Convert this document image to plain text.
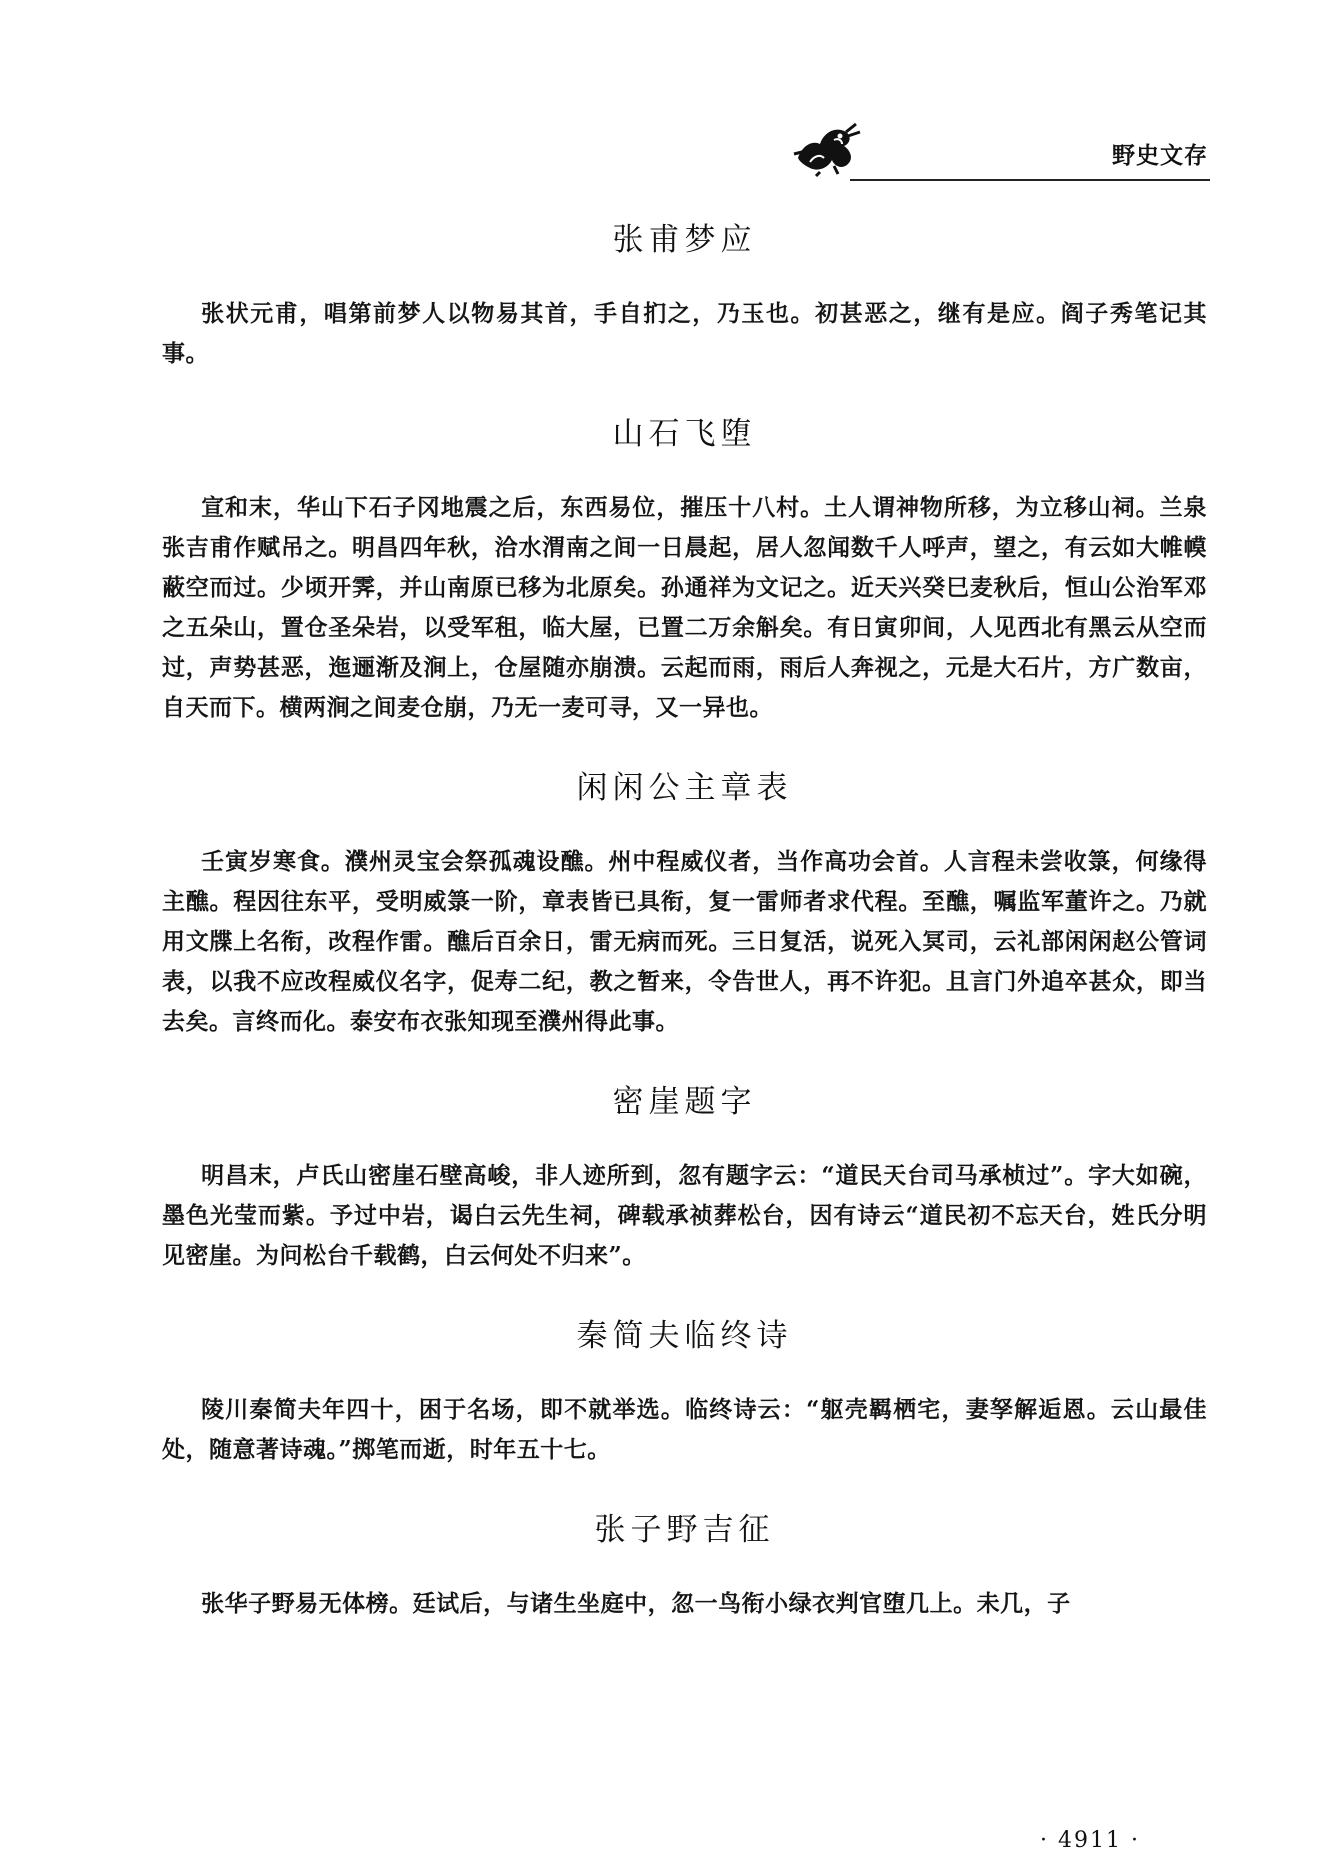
野史文存
张甫梦应

张状元甫，唱第前梦人以物易其首，手自扪之，乃玉也。初甚恶之，继有是应。阎子秀笔记其事。

山石飞堕

宣和末，华山下石子冈地震之后，东西易位，摧压十八村。土人谓神物所移，为立移山祠。兰泉张吉甫作赋吊之。明昌四年秋，洽水渭南之间一日晨起，居人忽闻数千人呼声，望之，有云如大帷幙蔽空而过。少顷开霁，并山南原已移为北原矣。孙通祥为文记之。近天兴癸巳麦秋后，恒山公治军邓之五朵山，置仓圣朵岩，以受军租，临大屋，已置二万余斛矣。有日寅卯间，人见西北有黑云从空而过，声势甚恶，迤逦渐及涧上，仓屋随亦崩溃。云起而雨，雨后人奔视之，元是大石片，方广数亩，自天而下。横两涧之间麦仓崩，乃无一麦可寻，又一异也。

闲闲公主章表

壬寅岁寒食。濮州灵宝会祭孤魂设醮。州中程威仪者，当作高功会首。人言程未尝收箓，何缘得主醮。程因往东平，受明威箓一阶，章表皆已具衔，复一雷师者求代程。至醮，嘱监军董许之。乃就用文牒上名衔，改程作雷。醮后百余日，雷无病而死。三日复活，说死入冥司，云礼部闲闲赵公管词表，以我不应改程威仪名字，促寿二纪，教之暂来，令告世人，再不许犯。且言门外追卒甚众，即当去矣。言终而化。泰安布衣张知现至濮州得此事。

密崖题字

明昌末，卢氏山密崖石壁高峻，非人迹所到，忽有题字云：“道民天台司马承桢过”。字大如碗，墨色光莹而紫。予过中岩，谒白云先生祠，碑载承祯葬松台，因有诗云“道民初不忘天台，姓氏分明见密崖。为问松台千载鹤，白云何处不归来”。

秦简夫临终诗

陵川秦简夫年四十，困于名场，即不就举选。临终诗云：“躯壳羁栖宅，妻孥解逅恩。云山最佳处，随意著诗魂。”掷笔而逝，时年五十七。

张子野吉征

张华子野易无体榜。廷试后，与诸生坐庭中，忽一鸟衔小绿衣判官堕几上。未几，子

· 4911 ·
